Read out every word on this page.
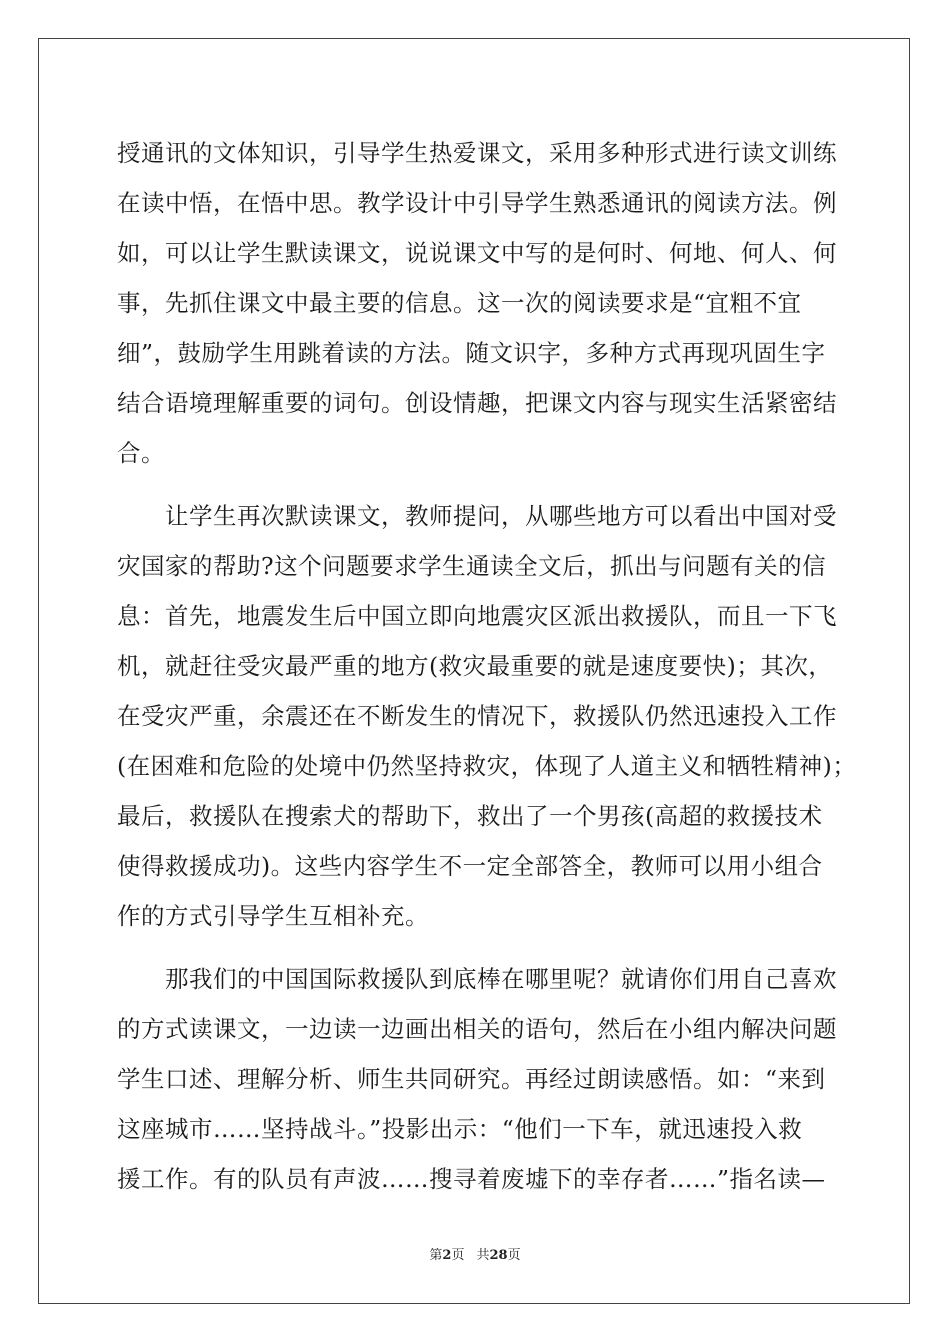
授通讯的文体知识，引导学生热爱课文，采用多种形式进行读文训练
在读中悟，在悟中思。教学设计中引导学生熟悉通讯的阅读方法。例
如，可以让学生默读课文，说说课文中写的是何时、何地、何人、何
事，先抓住课文中最主要的信息。这一次的阅读要求是“宜粗不宜
细”，鼓励学生用跳着读的方法。随文识字，多种方式再现巩固生字
结合语境理解重要的词句。创设情趣，把课文内容与现实生活紧密结
合。
　　让学生再次默读课文，教师提问，从哪些地方可以看出中国对受
灾国家的帮助?这个问题要求学生通读全文后，抓出与问题有关的信
息：首先，地震发生后中国立即向地震灾区派出救援队，而且一下飞
机，就赶往受灾最严重的地方(救灾最重要的就是速度要快)；其次，
在受灾严重，余震还在不断发生的情况下，救援队仍然迅速投入工作
(在困难和危险的处境中仍然坚持救灾，体现了人道主义和牺牲精神)；
最后，救援队在搜索犬的帮助下，救出了一个男孩(高超的救援技术
使得救援成功)。这些内容学生不一定全部答全，教师可以用小组合
作的方式引导学生互相补充。
　　那我们的中国国际救援队到底棒在哪里呢？就请你们用自己喜欢
的方式读课文，一边读一边画出相关的语句，然后在小组内解决问题
学生口述、理解分析、师生共同研究。再经过朗读感悟。如：“来到
这座城市……坚持战斗。”投影出示：“他们一下车，就迅速投入救
援工作。有的队员有声波……搜寻着废墟下的幸存者……”指名读—
第2页 共28页
